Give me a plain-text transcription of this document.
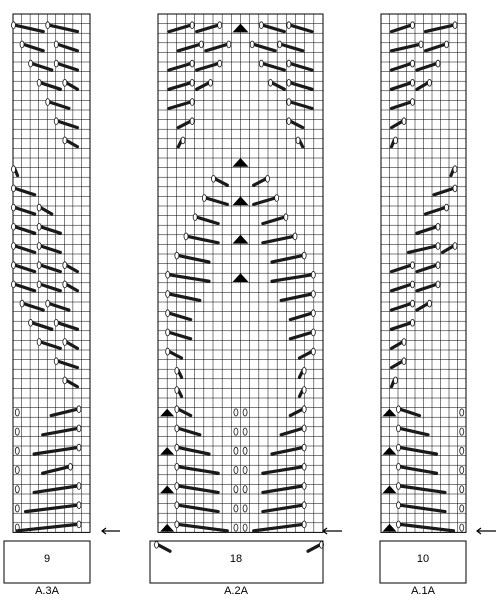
9
A.3A
18
A.2A
10
A.1A
